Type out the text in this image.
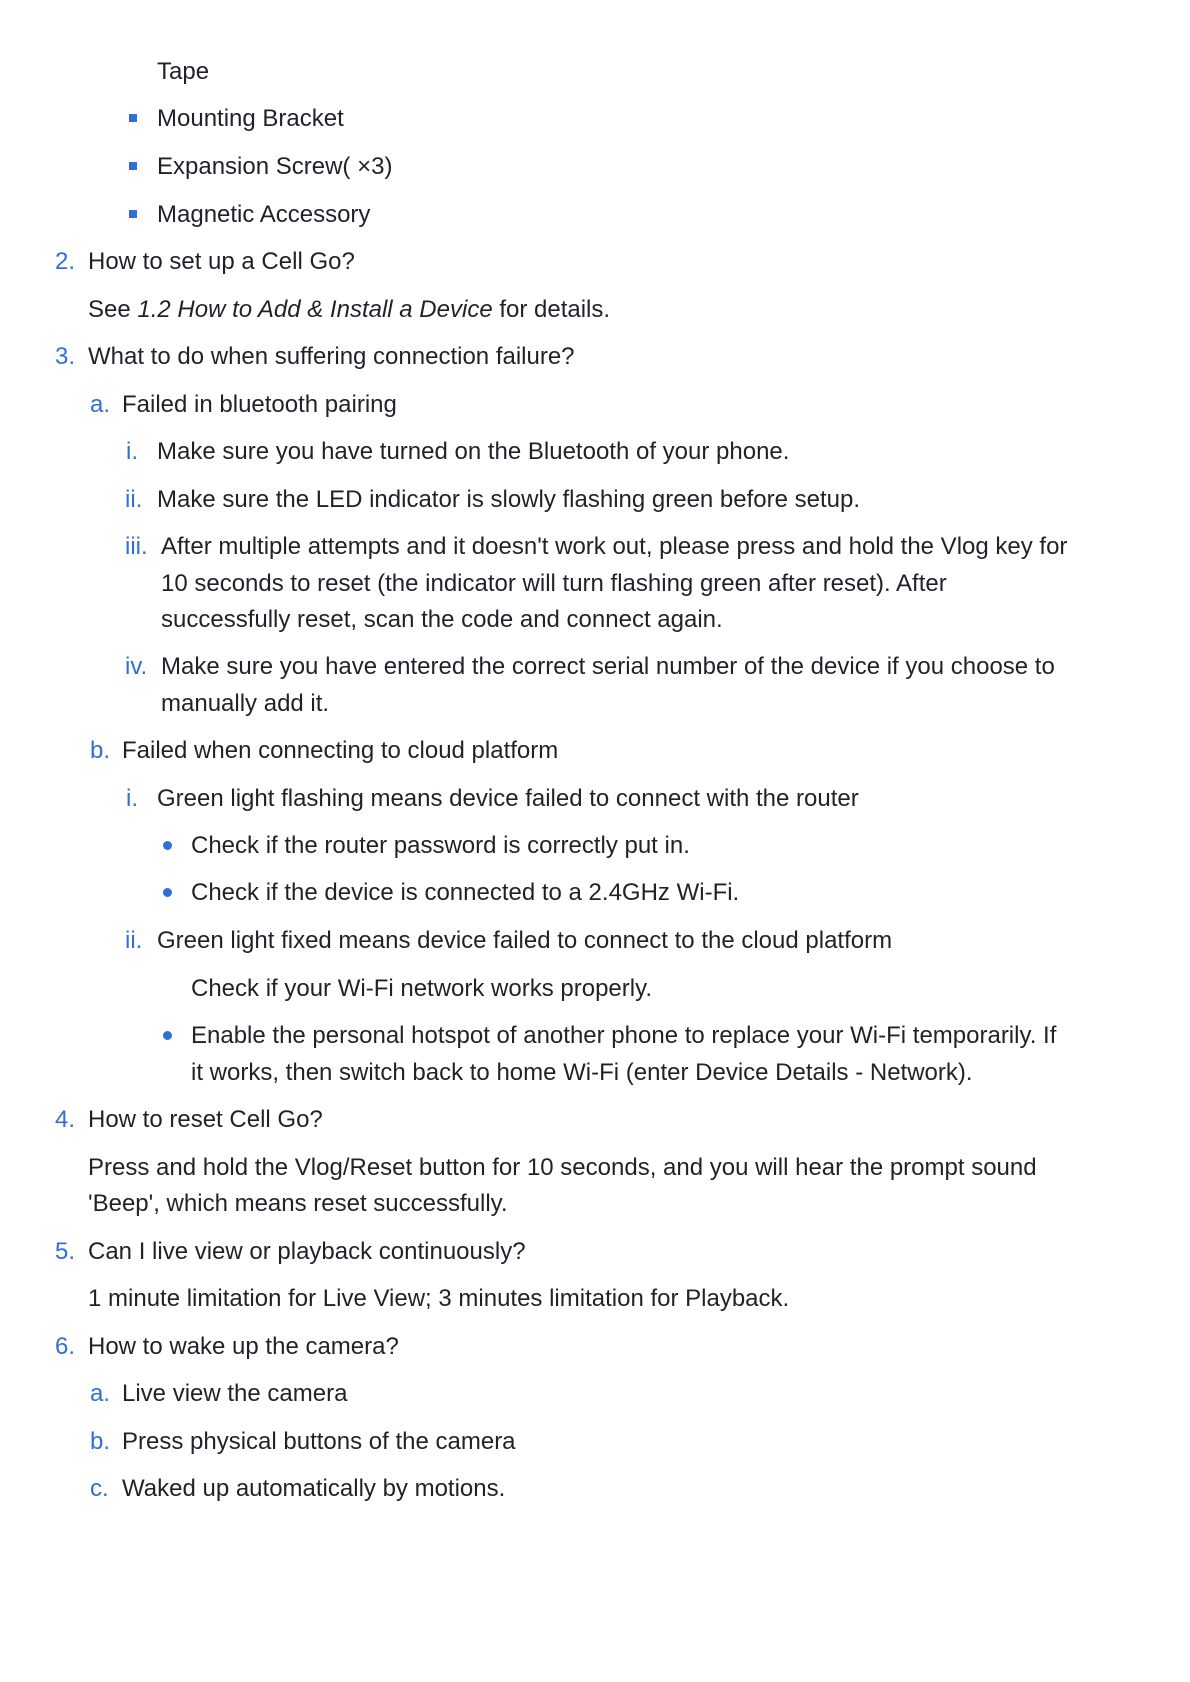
Tape
Mounting Bracket
Expansion Screw( ×3)
Magnetic Accessory
2. How to set up a Cell Go?
See 1.2 How to Add & Install a Device for details.
3. What to do when suffering connection failure?
a. Failed in bluetooth pairing
i. Make sure you have turned on the Bluetooth of your phone.
ii. Make sure the LED indicator is slowly flashing green before setup.
iii. After multiple attempts and it doesn't work out, please press and hold the Vlog key for
10 seconds to reset (the indicator will turn flashing green after reset). After
successfully reset, scan the code and connect again.
iv. Make sure you have entered the correct serial number of the device if you choose to
manually add it.
b. Failed when connecting to cloud platform
i. Green light flashing means device failed to connect with the router
Check if the router password is correctly put in.
Check if the device is connected to a 2.4GHz Wi-Fi.
ii. Green light fixed means device failed to connect to the cloud platform
Check if your Wi-Fi network works properly.
Enable the personal hotspot of another phone to replace your Wi-Fi temporarily. If
it works, then switch back to home Wi-Fi (enter Device Details - Network).
4. How to reset Cell Go?
Press and hold the Vlog/Reset button for 10 seconds, and you will hear the prompt sound
'Beep', which means reset successfully.
5. Can I live view or playback continuously?
1 minute limitation for Live View; 3 minutes limitation for Playback.
6. How to wake up the camera?
a. Live view the camera
b. Press physical buttons of the camera
c. Waked up automatically by motions.
